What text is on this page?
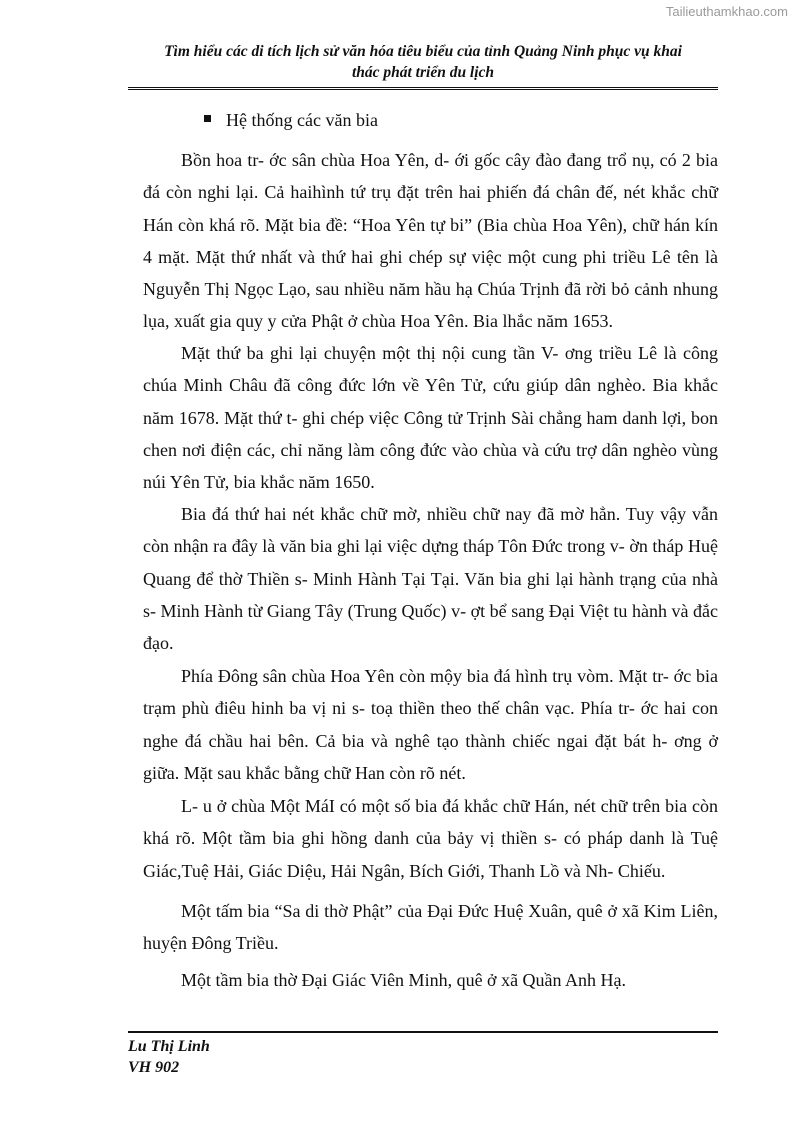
Tailieuthamkhao.com
Tìm hiểu các di tích lịch sử văn hóa tiêu biểu của tỉnh Quảng Ninh phục vụ khai
thác phát triển du lịch
Hệ thống các văn bia

Bồn hoa tr- ớc sân chùa Hoa Yên, d- ới gốc cây đào đang trổ nụ, có 2 bia đá còn nghi lại. Cả haihình tứ trụ đặt trên hai phiến đá chân đế, nét khắc chữ Hán còn khá rõ. Mặt bia đề: “Hoa Yên tự bi” (Bia chùa Hoa Yên), chữ hán kín 4 mặt. Mặt thứ nhất và thứ hai ghi chép sự việc một cung phi triều Lê tên là Nguyễn Thị Ngọc Lạo, sau nhiều năm hầu hạ Chúa Trịnh đã rời bỏ cảnh nhung lụa, xuất gia quy y cửa Phật ở chùa Hoa Yên. Bia lhắc năm 1653.

Mặt thứ ba ghi lại chuyện một thị nội cung tần V- ơng triều Lê là công chúa Minh Châu đã công đức lớn về Yên Tử, cứu giúp dân nghèo. Bia khắc năm 1678. Mặt thứ t- ghi chép việc Công tử Trịnh Sài chẳng ham danh lợi, bon chen nơi điện các, chỉ năng làm công đức vào chùa và cứu trợ dân nghèo vùng núi Yên Tử, bia khắc năm 1650.

Bia đá thứ hai nét khắc chữ mờ, nhiều chữ nay đã mờ hẳn. Tuy vậy vẫn còn nhận ra đây là văn bia ghi lại việc dựng tháp Tôn Đức trong v- ờn tháp Huệ Quang để thờ Thiền s- Minh Hành Tại Tại. Văn bia ghi lại hành trạng của nhà s- Minh Hành từ Giang Tây (Trung Quốc) v- ợt bể sang Đại Việt tu hành và đắc đạo.

Phía Đông sân chùa Hoa Yên còn mộy bia đá hình trụ vòm. Mặt tr- ớc bia trạm phù điêu hinh ba vị ni s- toạ thiền theo thế chân vạc. Phía tr- ớc hai con nghe đá chầu hai bên. Cả bia và nghê tạo thành chiếc ngai đặt bát h- ơng ở giữa. Mặt sau khắc bằng chữ Han còn rõ nét.

L- u ở chùa Một MáI có một số bia đá khắc chữ Hán, nét chữ trên bia còn khá rõ. Một tầm bia ghi hồng danh của bảy vị thiền s- có pháp danh là Tuệ Giác,Tuệ Hải, Giác Diệu, Hải Ngân, Bích Giới, Thanh Lồ và Nh- Chiếu.

Một tấm bia “Sa di thờ Phật” của Đại Đức Huệ Xuân, quê ở xã Kim Liên, huyện Đông Triều.

Một tầm bia thờ Đại Giác Viên Minh, quê ở xã Quần Anh Hạ.

Lu Thị Linh
VH 902
